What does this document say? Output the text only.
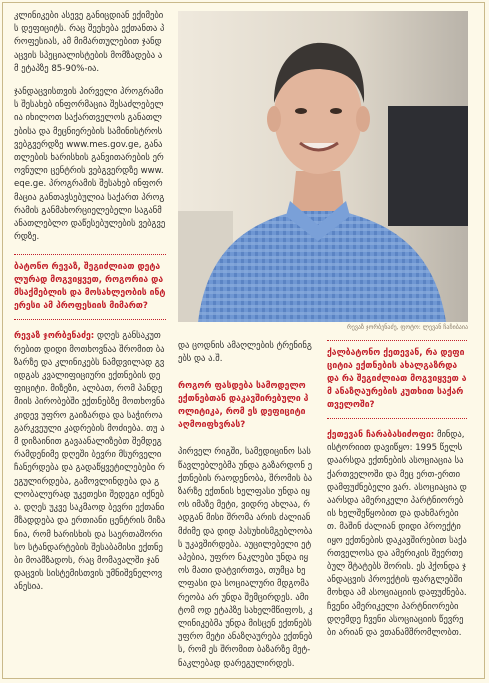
კლინიკები ასევე განიცდიან ექიმების დეფიციტს. რაც შეეხება ექთანთა პროფესიას, ამ მიმართულებით ჯანდაცვის სპეციალისტების მომზადება ამ ეტაპზე 85-90%-ია.

ჯანდაცვისთვის პირველი პროგრამის შესახებ ინფორმაცია შესაძლებელია იხილოთ საქართველოს განათლებისა და მეცნიერების სამინისტროს ვებგვერდზე www.mes.gov.ge, განათლების ხარისხის განვითარების ეროვნული ცენტრის ვებგვერდზე www.eqe.ge. პროგრამის შესახებ ინფორმაცია განთავსებულია საქართ პროგრამის განმახორციელებელი საგანმანათლებლო დაწესებულების ვებგვერდზე.

ბატონო რევაზ, შეგიძლიათ დეტალურად მოგვიყვეთ, როგორია დამსაქმებლის და მოსახლეობის ინტერესი ამ პროფესიის მიმართ?

რევაზ ჯორბენაძე: დღეს განსაკუთრებით დიდი მოთხოვნაა შრომით ბაზარზე და კლინიკებს ნამდვილად გვიდგას კვალიფიციური ექთნების დეფიციტი. მიზეზი, ალბათ, რომ პანდემიის პირობებში ექთნებზე მოთხოვნა კიდევ უფრო გაიზარდა და საჭიროა გარკვეული კადრების მოძიება. თუ ამ დიზაინით გავაანალიზებთ შემდეგ რამდენიმე დღეში ბევრი მსურველი ჩანერდება და გადაწყვეტილებები რეგულირდება, გამოვლინდება და გლობალურად უკეთესი შედეგი იქნება. დღეს უკვე საკმაოდ ბევრი ექთანი მზადდება და ერთიანი ცენტრის მიზანია, რომ ხარისხის და საერთაშორისო სტანდარტების შესაბამისი ექთნები მოამზადოს, რაც მომავალში ჯანდაცვის სისტემისთვის უმნიშვნელოვანესია.

რევაზ ჯორბენაძე, ფოტო: ლევან ჩაჩიბაია

და ცოდნის ამაღლების ტრენინგებს და ა.შ.

როგორ ფასდება სამოდელო ექთნებთან დაკავშირებული პოლიტიკა, რომ ეს დეფიციტი აღმოიფხვრას?

პირველ რიგში, სამედიცინო სასწავლებლებმა უნდა გაზარდონ ექთნების რაოდენობა, შრომის ბაზარზე ექთნის ხელფასი უნდა იყოს იმაზე მეტი, ვიდრე ახლაა, რადგან მისი შრომა არის ძალიან მძიმე და დიდ პასუხისმგებლობას უკავშირდება. აუცილებელი ეტაპებია, უფრო ნაკლები უნდა იყოს მათი დატვირთვა, თუმცა ხელფასი და სოციალური მდგომარეობა არ უნდა შემცირდეს. ამიტომ ოდ ეტაპზე სახელმწიფოს, კლინიკებმა უნდა მისცენ ექთნებს უფრო მეტი ანაზღაურება ექთნებს, რომ ეს შრომით ბაზარზე მეტ-ნაკლებად დარეგულირდეს.

ქალბატონო ქეთევან, რა დეფიციტია ექთნების ახალგაზრდა და რა შეგიძლიათ მოგვიყვეთ ამ ანაზღაურების კუთხით საქართველოში?

ქეთევან ჩარაბასიძოფი: მინდა, ისტორიით დავიწყო: 1995 წელს დაარსდა ექთნების ასოციაცია საქართველოში და მეც ერთ-ერთი დამფუძნებელი ვარ. ასოციაცია დაარსდა ამერიკელი პარტნიორების ხელშეწყობით და დახმარებით. მაშინ ძალიან დიდი პროექტი იყო ექთნების დაკავშირებით საქართველოსა და ამერიკის შეერთებულ შტატებს შორის. ეს ჰქონდა ჯანდაცვის პროექტის ფარგლებში მოხდა ამ ასოციაციის დაფუძნება. ჩვენი ამერიკელი პარტნიორები დღემდე ჩვენი ასოციაციის წევრები არიან და ვთანამშრომლობთ.
